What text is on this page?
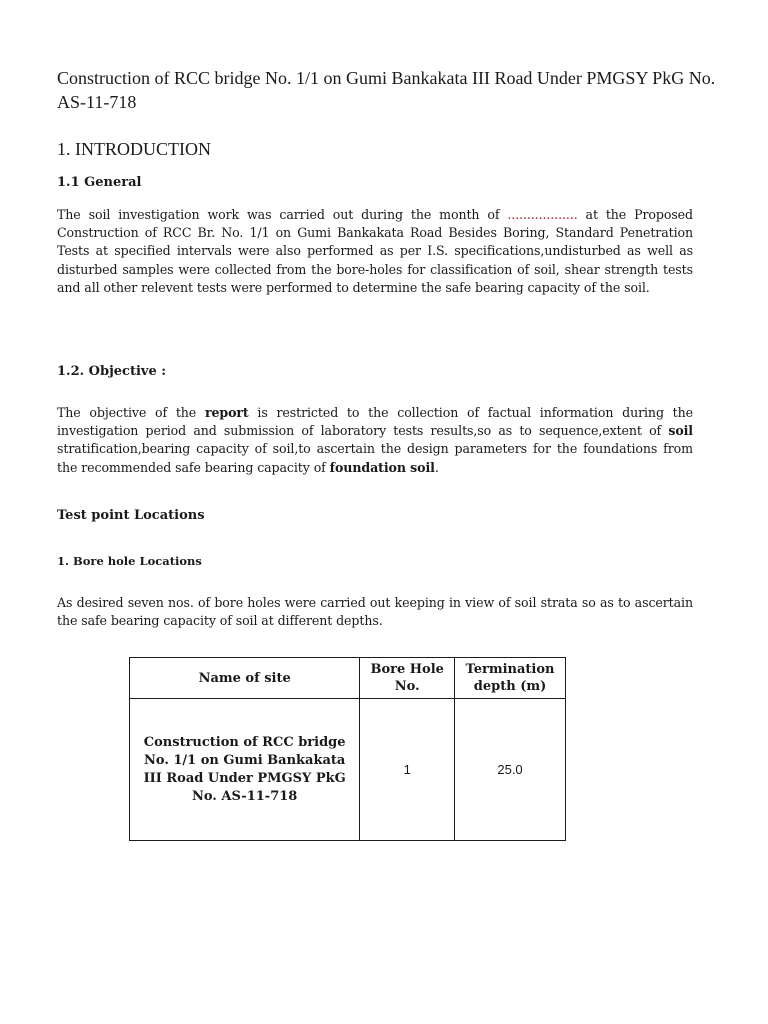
Construction of RCC bridge No. 1/1 on Gumi Bankakata III Road Under PMGSY PkG No. AS-11-718
1. INTRODUCTION
1.1 General

The soil investigation work was carried out during the month of .................. at the Proposed Construction of RCC Br. No. 1/1 on Gumi Bankakata Road Besides Boring, Standard Penetration Tests at specified intervals were also performed as per I.S. specifications,undisturbed as well as disturbed samples were collected from the bore-holes for classification of soil, shear strength tests and all other relevent tests were performed to determine the safe bearing capacity of the soil.

1.2. Objective :

The objective of the report is restricted to the collection of factual information during the investigation period and submission of laboratory tests results,so as to sequence,extent of soil stratification,bearing capacity of soil,to ascertain the design parameters for the foundations from the recommended safe bearing capacity of foundation soil.

Test point Locations
1. Bore hole Locations

As desired seven nos. of bore holes were carried out keeping in view of soil strata so as to ascertain the safe bearing capacity of soil at different depths.

Name of site	Bore Hole No.	Termination depth (m)
Construction of RCC bridge No. 1/1 on Gumi Bankakata III Road Under PMGSY PkG No. AS-11-718	1	25.0
